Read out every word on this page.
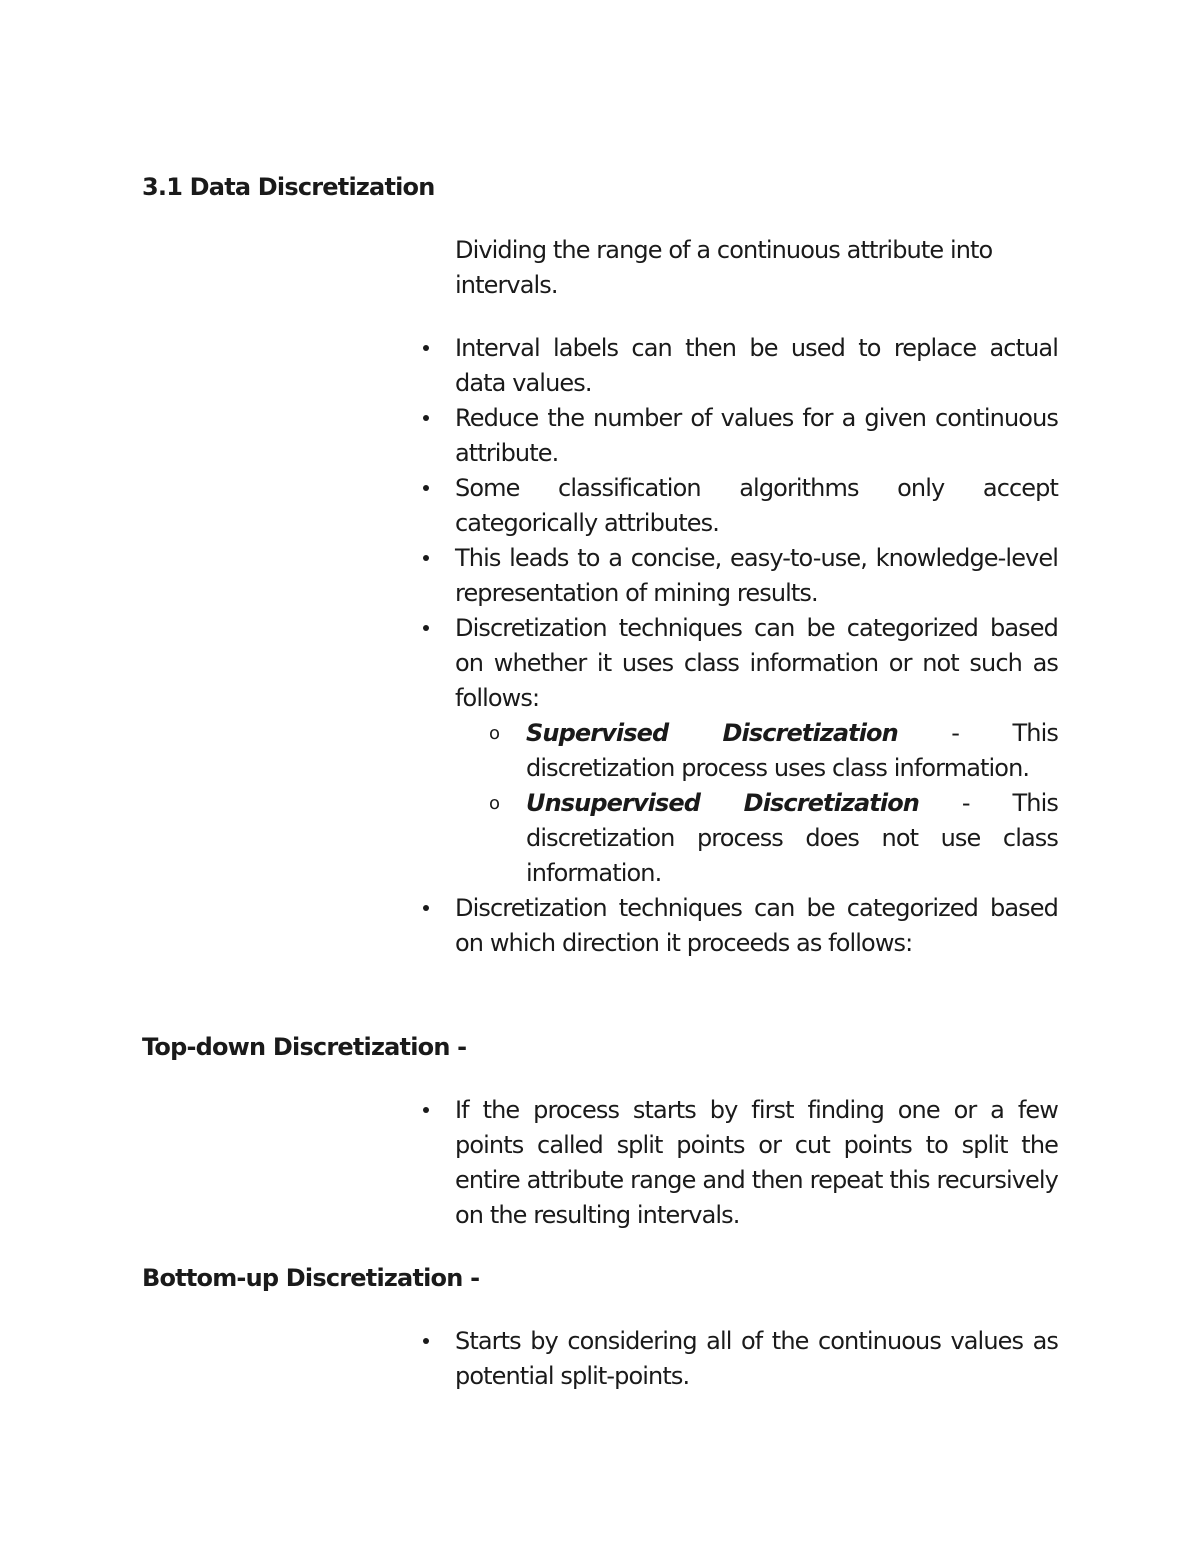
3.1 Data Discretization

Dividing the range of a continuous attribute into intervals.

Interval labels can then be used to replace actual data values.

Reduce the number of values for a given continuous attribute.

Some classification algorithms only accept categorically attributes.

This leads to a concise, easy-to-use, knowledge-level representation of mining results.

Discretization techniques can be categorized based on whether it uses class information or not such as follows:

o Supervised Discretization - This discretization process uses class information.

o Unsupervised Discretization - This discretization process does not use class information.

Discretization techniques can be categorized based on which direction it proceeds as follows:

Top-down Discretization -

If the process starts by first finding one or a few points called split points or cut points to split the entire attribute range and then repeat this recursively on the resulting intervals.

Bottom-up Discretization -

Starts by considering all of the continuous values as potential split-points.
